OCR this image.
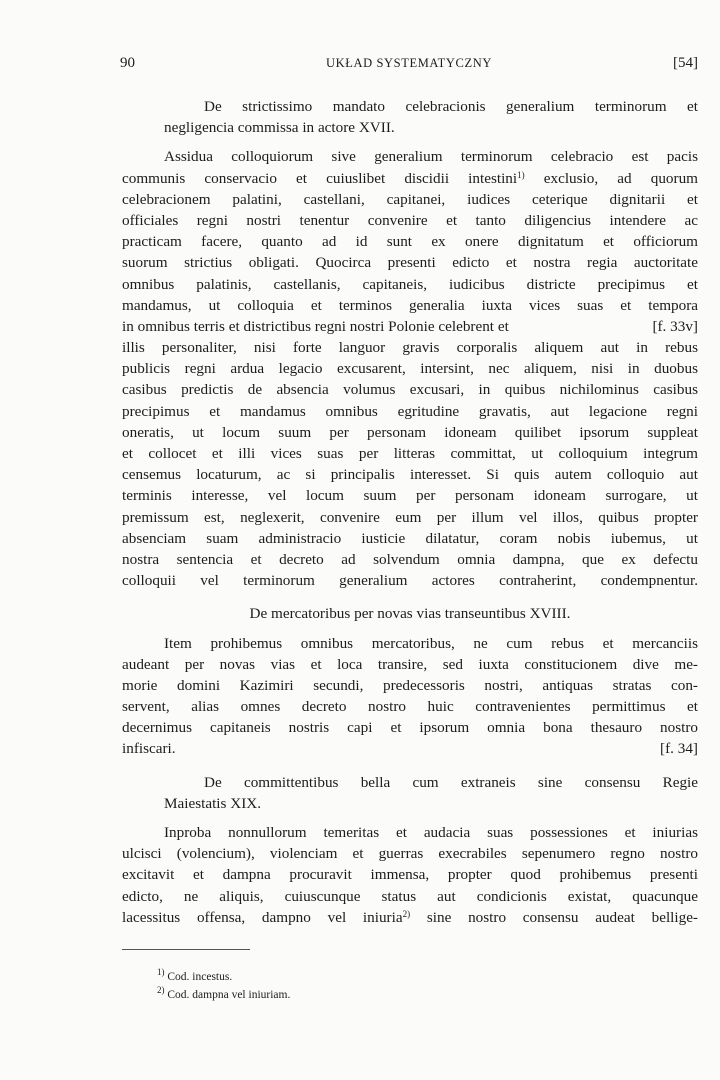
90	UKŁAD SYSTEMATYCZNY	[54]
De strictissimo mandato celebracionis generalium terminorum et
negligencia commissa in actore XVII.
Assidua colloquiorum sive generalium terminorum celebracio est pacis
communis conservacio et cuiuslibet discidii intestini$^{1)}$ exclusio, ad quorum
celebracionem palatini, castellani, capitanei, iudices ceterique dignitarii et
officiales regni nostri tenentur convenire et tanto diligencius intendere ac
practicam facere, quanto ad id sunt ex onere dignitatum et officiorum
suorum strictius obligati. Quocirca presenti edicto et nostra regia auctoritate
omnibus palatinis, castellanis, capitaneis, iudicibus districte precipimus et
mandamus, ut colloquia et terminos generalia iuxta vices suas et tempora
in omnibus terris et districtibus regni nostri Polonie celebrent et	[f. 33v]
illis personaliter, nisi forte languor gravis corporalis aliquem aut in rebus
publicis regni ardua legacio excusarent, intersint, nec aliquem, nisi in duobus
casibus predictis de absencia volumus excusari, in quibus nichilominus casibus
precipimus et mandamus omnibus egritudine gravatis, aut legacione regni
oneratis, ut locum suum per personam idoneam quilibet ipsorum suppleat
et collocet et illi vices suas per litteras committat, ut colloquium integrum
censemus locaturum, ac si principalis interesset. Si quis autem colloquio aut
terminis interesse, vel locum suum per personam idoneam surrogare, ut
premissum est, neglexerit, convenire eum per illum vel illos, quibus propter
absenciam suam administracio iusticie dilatatur, coram nobis iubemus, ut
nostra sentencia et decreto ad solvendum omnia dampna, que ex defectu
colloquii vel terminorum generalium actores contraherint, condempnentur.
De mercatoribus per novas vias transeuntibus XVIII.
Item prohibemus omnibus mercatoribus, ne cum rebus et mercanciis
audeant per novas vias et loca transire, sed iuxta constitucionem dive me-
morie domini Kazimiri secundi, predecessoris nostri, antiquas stratas con-
servent, alias omnes decreto nostro huic contravenientes permittimus et
decernimus capitaneis nostris capi et ipsorum omnia bona thesauro nostro
infiscari.	[f. 34]
De committentibus bella cum extraneis sine consensu Regie
Maiestatis XIX.
Inproba nonnullorum temeritas et audacia suas possessiones et iniurias
ulcisci (volencium), violenciam et guerras execrabiles sepenumero regno nostro
excitavit et dampna procuravit immensa, propter quod prohibemus presenti
edicto, ne aliquis, cuiuscunque status aut condicionis existat, quacunque
lacessitus offensa, dampno vel iniuria$^{2)}$ sine nostro consensu audeat bellige-
$^{1)}$ Cod. incestus.
$^{2)}$ Cod. dampna vel iniuriam.
